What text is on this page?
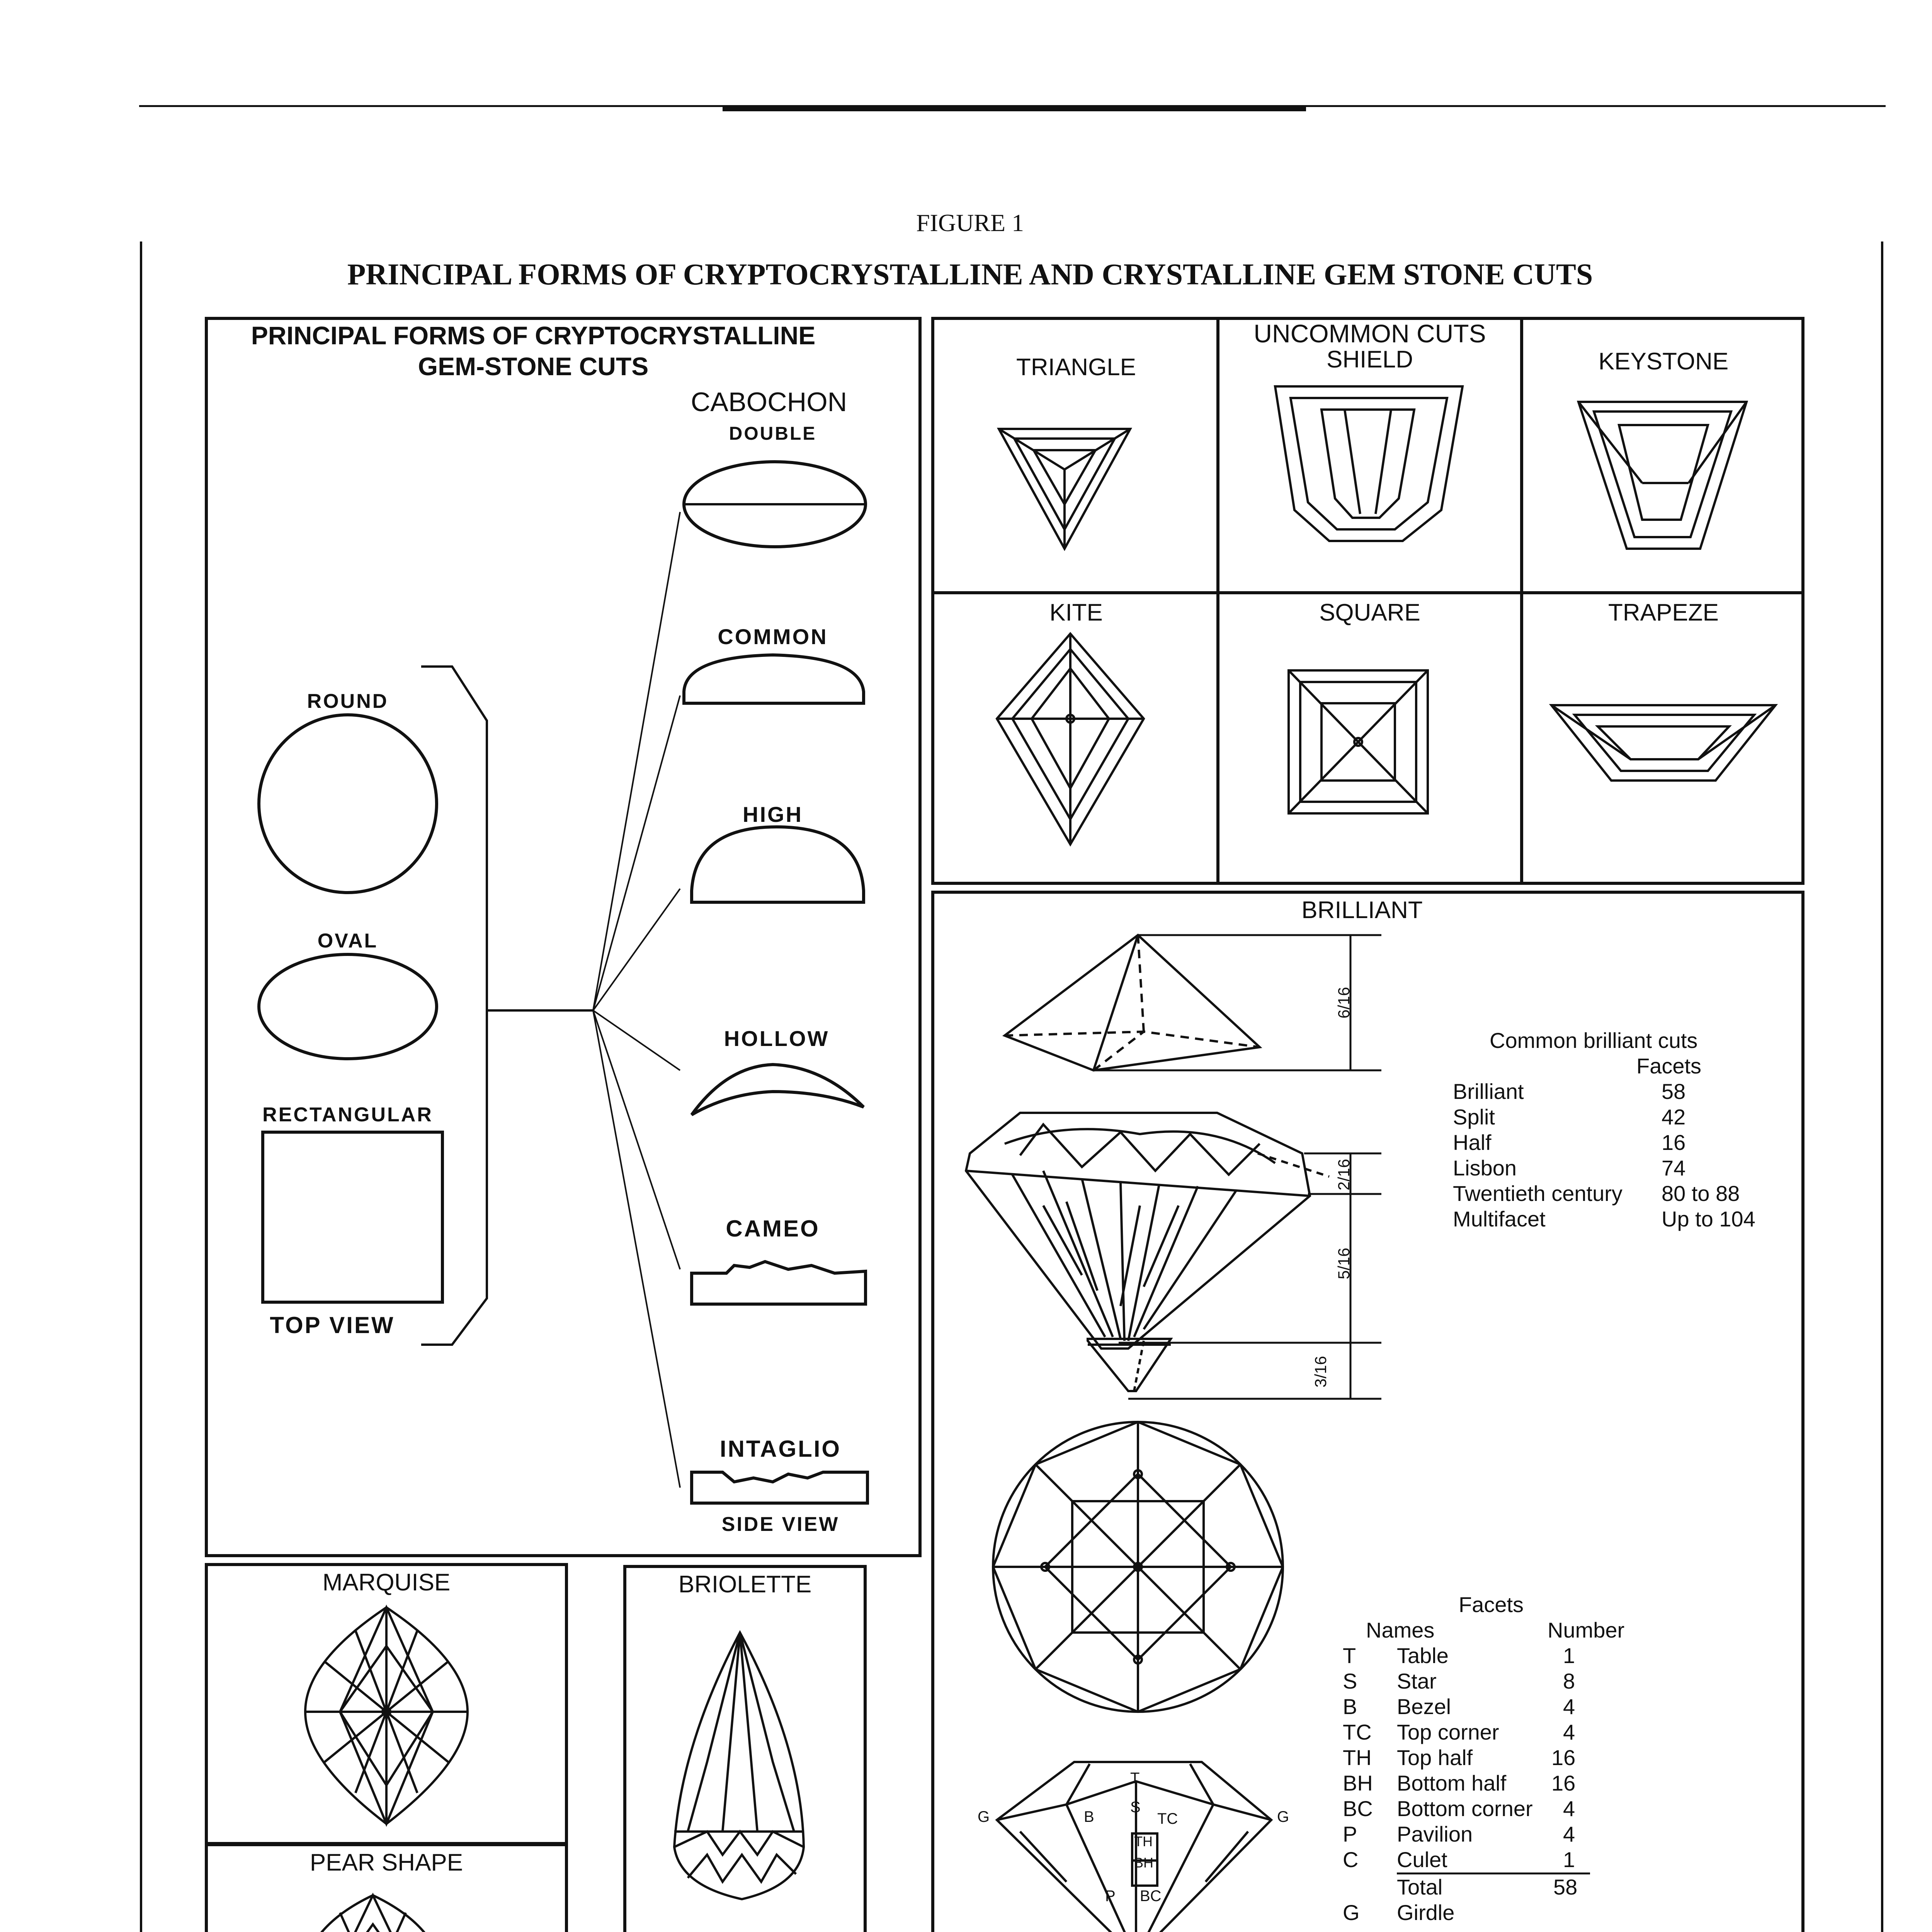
FIGURE 1
PRINCIPAL FORMS OF CRYPTOCRYSTALLINE AND CRYSTALLINE GEM STONE CUTS
PRINCIPAL FORMS OF CRYPTOCRYSTALLINE
GEM-STONE CUTS
CABOCHON
DOUBLE
COMMON
HIGH
HOLLOW
CAMEO
INTAGLIO
SIDE VIEW
ROUND
OVAL
RECTANGULAR
TOP VIEW
UNCOMMON CUTS
TRIANGLE	SHIELD	KEYSTONE
KITE	SQUARE	TRAPEZE
BRILLIANT
6/16
2/16
5/16
3/16
T
S
B	TC
TH
BH
P BC
G	G
Common brilliant cuts
Facets
Brilliant	58
Split	42
Half	16
Lisbon	74
Twentieth century	80 to 88
Multifacet	Up to 104
Facets
Names	Number
T	Table	1
S	Star	8
B	Bezel	4
TC	Top corner	4
TH	Top half	16
BH	Bottom half	16
BC	Bottom corner	4
P	Pavilion	4
C	Culet	1
Total	58
G	Girdle
MARQUISE	BRIOLETTE
PEAR SHAPE
